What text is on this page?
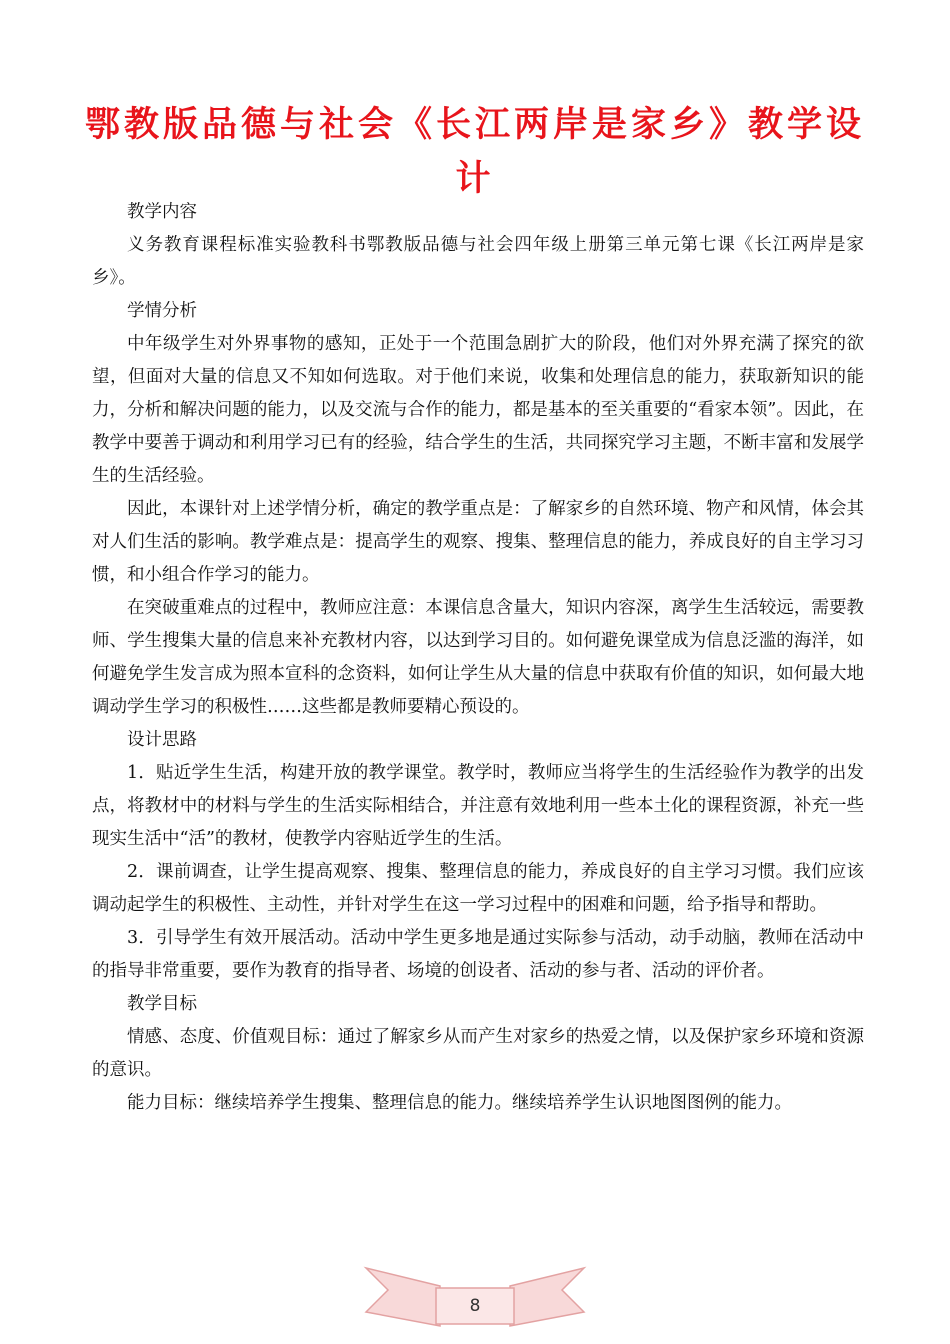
鄂教版品德与社会《长江两岸是家乡》教学设计

教学内容

义务教育课程标准实验教科书鄂教版品德与社会四年级上册第三单元第七课《长江两岸是家乡》。

学情分析

中年级学生对外界事物的感知，正处于一个范围急剧扩大的阶段，他们对外界充满了探究的欲望，但面对大量的信息又不知如何选取。对于他们来说，收集和处理信息的能力，获取新知识的能力，分析和解决问题的能力，以及交流与合作的能力，都是基本的至关重要的“看家本领”。因此，在教学中要善于调动和利用学习已有的经验，结合学生的生活，共同探究学习主题，不断丰富和发展学生的生活经验。

因此，本课针对上述学情分析，确定的教学重点是：了解家乡的自然环境、物产和风情，体会其对人们生活的影响。教学难点是：提高学生的观察、搜集、整理信息的能力，养成良好的自主学习习惯，和小组合作学习的能力。

在突破重难点的过程中，教师应注意：本课信息含量大，知识内容深，离学生生活较远，需要教师、学生搜集大量的信息来补充教材内容，以达到学习目的。如何避免课堂成为信息泛滥的海洋，如何避免学生发言成为照本宣科的念资料，如何让学生从大量的信息中获取有价值的知识，如何最大地调动学生学习的积极性……这些都是教师要精心预设的。

设计思路

1．贴近学生生活，构建开放的教学课堂。教学时，教师应当将学生的生活经验作为教学的出发点，将教材中的材料与学生的生活实际相结合，并注意有效地利用一些本土化的课程资源，补充一些现实生活中“活”的教材，使教学内容贴近学生的生活。

2．课前调查，让学生提高观察、搜集、整理信息的能力，养成良好的自主学习习惯。我们应该调动起学生的积极性、主动性，并针对学生在这一学习过程中的困难和问题，给予指导和帮助。

3．引导学生有效开展活动。活动中学生更多地是通过实际参与活动，动手动脑，教师在活动中的指导非常重要，要作为教育的指导者、场境的创设者、活动的参与者、活动的评价者。

教学目标

情感、态度、价值观目标：通过了解家乡从而产生对家乡的热爱之情，以及保护家乡环境和资源的意识。

能力目标：继续培养学生搜集、整理信息的能力。继续培养学生认识地图图例的能力。

8
